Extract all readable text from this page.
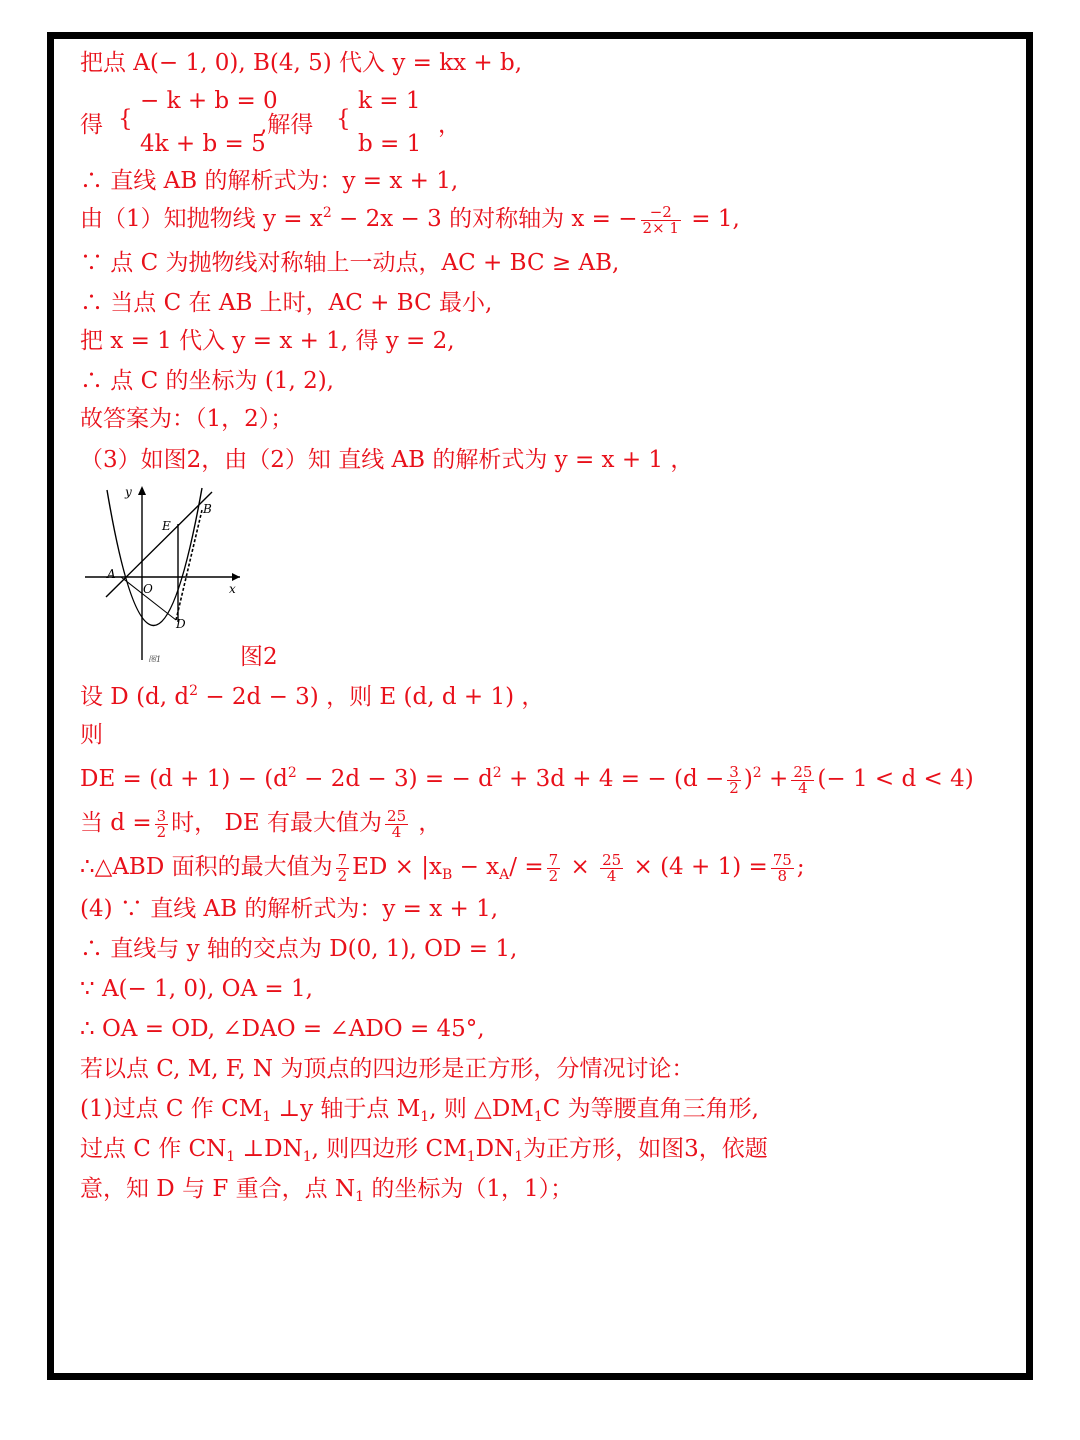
把点 A(− 1, 0), B(4, 5) 代入 y = kx + b,
得 {
− k + b = 0
4k + b = 5
,解得 {
k = 1
b = 1
，
∴ 直线 AB 的解析式为：y = x + 1,
由（1）知抛物线 $y = x^2 - 2x - 3$ 的对称轴为 x = − $\frac{-2}{2\times 1} = 1$,
∵ 点 C 为抛物线对称轴上一动点，AC + BC ≥ AB,
∴ 当点 C 在 AB 上时，AC + BC 最小,
把 x = 1 代入 y = x + 1, 得 y = 2,
∴ 点 C 的坐标为 (1, 2),
故答案为：（1，2）；
（3）如图2，由（2）知 直线 AB 的解析式为 y = x + 1 ，
y
x
A
O
B
E
D
图1	图2
设 D (d, $d^2 - 2d - 3$) ，则 E (d, d + 1) ，
则
DE = $(d + 1) - (d^2 - 2d - 3)$ = − $d^2 + 3d + 4$ = − $(d - \frac{3}{2} )^2 + \frac{25}{4}$ (− 1 < d < 4)
当 $d = \frac{3}{2}$ 时， DE 有最大值为 $\frac{25}{4}$ ，
∴△ABD 面积的最大值为 $\frac{7}{2}$ ED × $|x_B - x_A/ = \frac{7}{2} \times \frac{25}{4} \times (4 + 1) = \frac{75}{8}$ ;
(4) ∵ 直线 AB 的解析式为：y = x + 1,
∴ 直线与 y 轴的交点为 D(0, 1), OD = 1,
∵ A(− 1, 0), OA = 1,
∴ OA = OD, ∠DAO = ∠ADO = 45°,
若以点 C, M, F, N 为顶点的四边形是正方形，分情况讨论：
(1)过点 C 作 $CM_1$ ⊥y 轴于点 $M_1$, 则 $\triangle DM_1C$ 为等腰直角三角形,
过点 C 作 $CN_1$ $\perp DN_1$, 则四边形 $CM_1DN_1$为正方形，如图3，依题
意，知 D 与 F 重合，点 $N_1$ 的坐标为（1，1）；
